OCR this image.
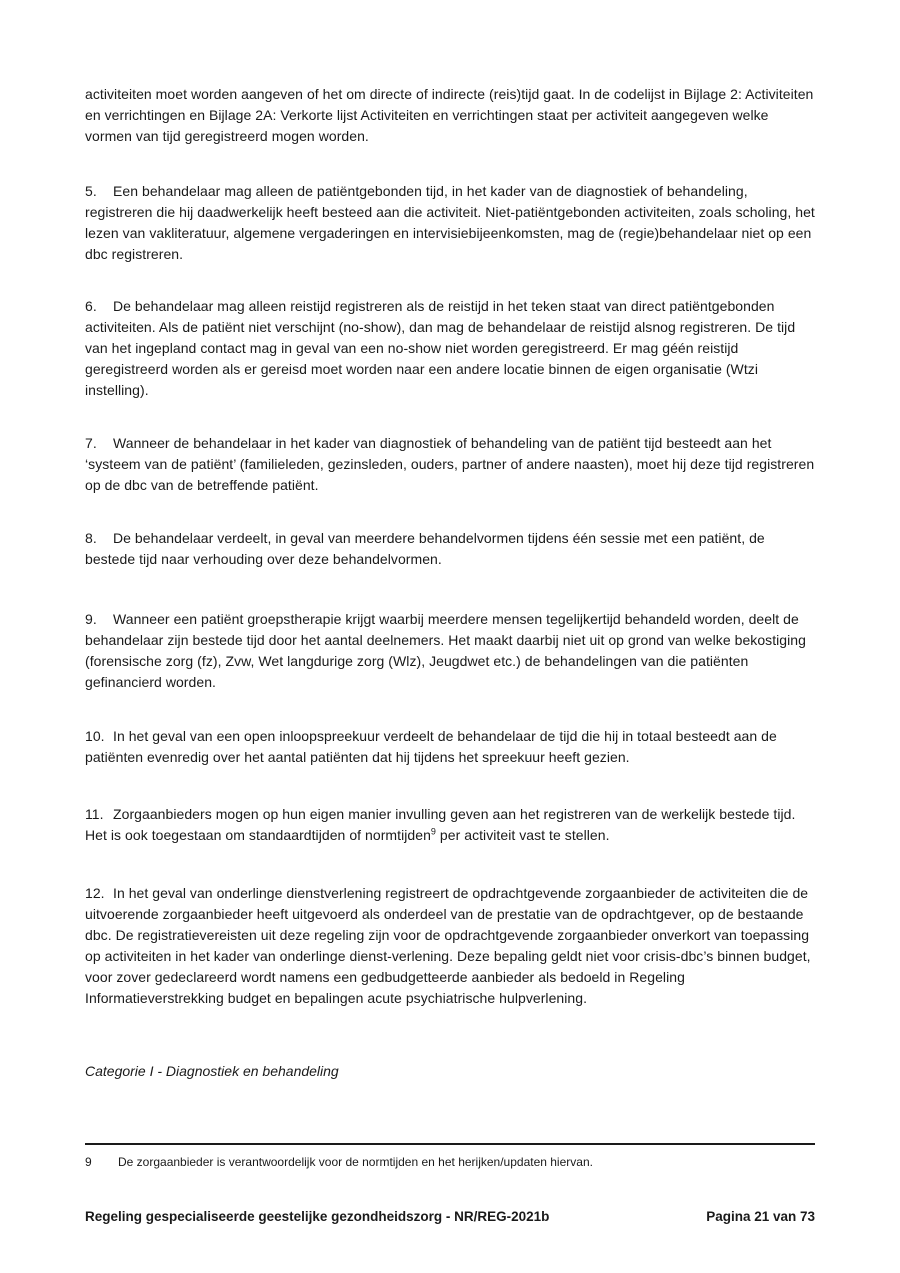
activiteiten moet worden aangeven of het om directe of indirecte (reis)tijd gaat. In de codelijst in Bijlage 2: Activiteiten en verrichtingen en Bijlage 2A: Verkorte lijst Activiteiten en verrichtingen staat per activiteit aangegeven welke vormen van tijd geregistreerd mogen worden.

5. Een behandelaar mag alleen de patiëntgebonden tijd, in het kader van de diagnostiek of behandeling, registreren die hij daadwerkelijk heeft besteed aan die activiteit. Niet-patiëntgebonden activiteiten, zoals scholing, het lezen van vakliteratuur, algemene vergaderingen en intervisiebijeenkomsten, mag de (regie)behandelaar niet op een dbc registreren.

6. De behandelaar mag alleen reistijd registreren als de reistijd in het teken staat van direct patiëntgebonden activiteiten. Als de patiënt niet verschijnt (no-show), dan mag de behandelaar de reistijd alsnog registreren. De tijd van het ingepland contact mag in geval van een no-show niet worden geregistreerd. Er mag géén reistijd geregistreerd worden als er gereisd moet worden naar een andere locatie binnen de eigen organisatie (Wtzi instelling).

7. Wanneer de behandelaar in het kader van diagnostiek of behandeling van de patiënt tijd besteedt aan het ‘systeem van de patiënt’ (familieleden, gezinsleden, ouders, partner of andere naasten), moet hij deze tijd registreren op de dbc van de betreffende patiënt.

8. De behandelaar verdeelt, in geval van meerdere behandelvormen tijdens één sessie met een patiënt, de bestede tijd naar verhouding over deze behandelvormen.

9. Wanneer een patiënt groepstherapie krijgt waarbij meerdere mensen tegelijkertijd behandeld worden, deelt de behandelaar zijn bestede tijd door het aantal deelnemers. Het maakt daarbij niet uit op grond van welke bekostiging (forensische zorg (fz), Zvw, Wet langdurige zorg (Wlz), Jeugdwet etc.) de behandelingen van die patiënten gefinancierd worden.

10. In het geval van een open inloopspreekuur verdeelt de behandelaar de tijd die hij in totaal besteedt aan de patiënten evenredig over het aantal patiënten dat hij tijdens het spreekuur heeft gezien.

11. Zorgaanbieders mogen op hun eigen manier invulling geven aan het registreren van de werkelijk bestede tijd. Het is ook toegestaan om standaardtijden of normtijden$^9$ per activiteit vast te stellen.

12. In het geval van onderlinge dienstverlening registreert de opdrachtgevende zorgaanbieder de activiteiten die de uitvoerende zorgaanbieder heeft uitgevoerd als onderdeel van de prestatie van de opdrachtgever, op de bestaande dbc. De registratievereisten uit deze regeling zijn voor de opdrachtgevende zorgaanbieder onverkort van toepassing op activiteiten in het kader van onderlinge dienst-verlening. Deze bepaling geldt niet voor crisis-dbc’s binnen budget, voor zover gedeclareerd wordt namens een gedbudgetteerde aanbieder als bedoeld in Regeling Informatieverstrekking budget en bepalingen acute psychiatrische hulpverlening.

Categorie I - Diagnostiek en behandeling

9 De zorgaanbieder is verantwoordelijk voor de normtijden en het herijken/updaten hiervan.

Regeling gespecialiseerde geestelijke gezondheidszorg - NR/REG-2021b	Pagina 21 van 73
